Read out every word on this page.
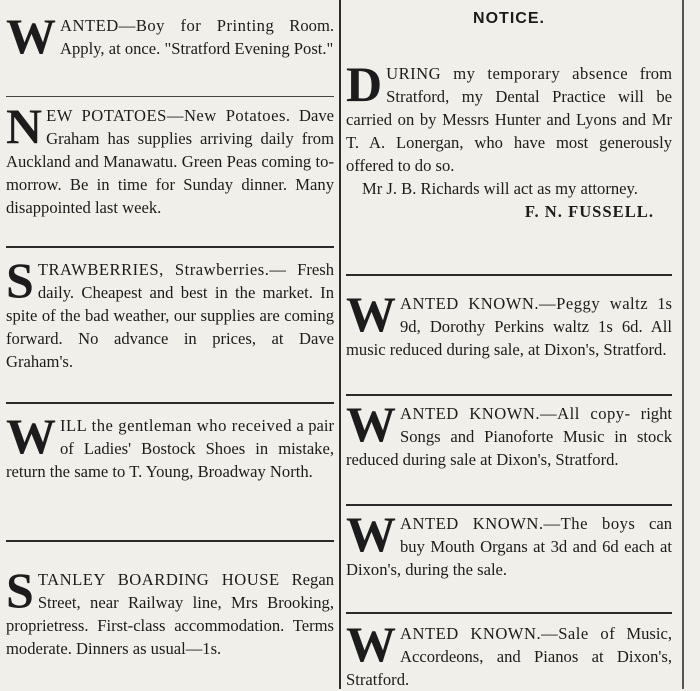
W ANTED—Boy for Printing Room. Apply, at once. "Stratford Evening Post."

N EW POTATOES—New Potatoes. Dave Graham has supplies arriving daily from Auckland and Manawatu. Green Peas coming to-morrow. Be in time for Sunday dinner. Many disappointed last week.

S TRAWBERRIES, Strawberries.— Fresh daily. Cheapest and best in the market. In spite of the bad weather, our supplies are coming forward. No advance in prices, at Dave Graham's.

W ILL the gentleman who received a pair of Ladies' Bostock Shoes in mistake, return the same to T. Young, Broadway North.

S TANLEY BOARDING HOUSE Regan Street, near Railway line, Mrs Brooking, proprietress. First-class accommodation. Terms moderate. Dinners as usual—1s.

NOTICE.

D URING my temporary absence from Stratford, my Dental Practice will be carried on by Messrs Hunter and Lyons and Mr T. A. Lonergan, who have most generously offered to do so.

Mr J. B. Richards will act as my attorney.

F. N. FUSSELL.

W ANTED KNOWN.—Peggy waltz 1s 9d, Dorothy Perkins waltz 1s 6d. All music reduced during sale, at Dixon's, Stratford.

W ANTED KNOWN.—All copy- right Songs and Pianoforte Music in stock reduced during sale at Dixon's, Stratford.

W ANTED KNOWN.—The boys can buy Mouth Organs at 3d and 6d each at Dixon's, during the sale.

W ANTED KNOWN.—Sale of Music, Accordeons, and Pianos at Dixon's, Stratford.
